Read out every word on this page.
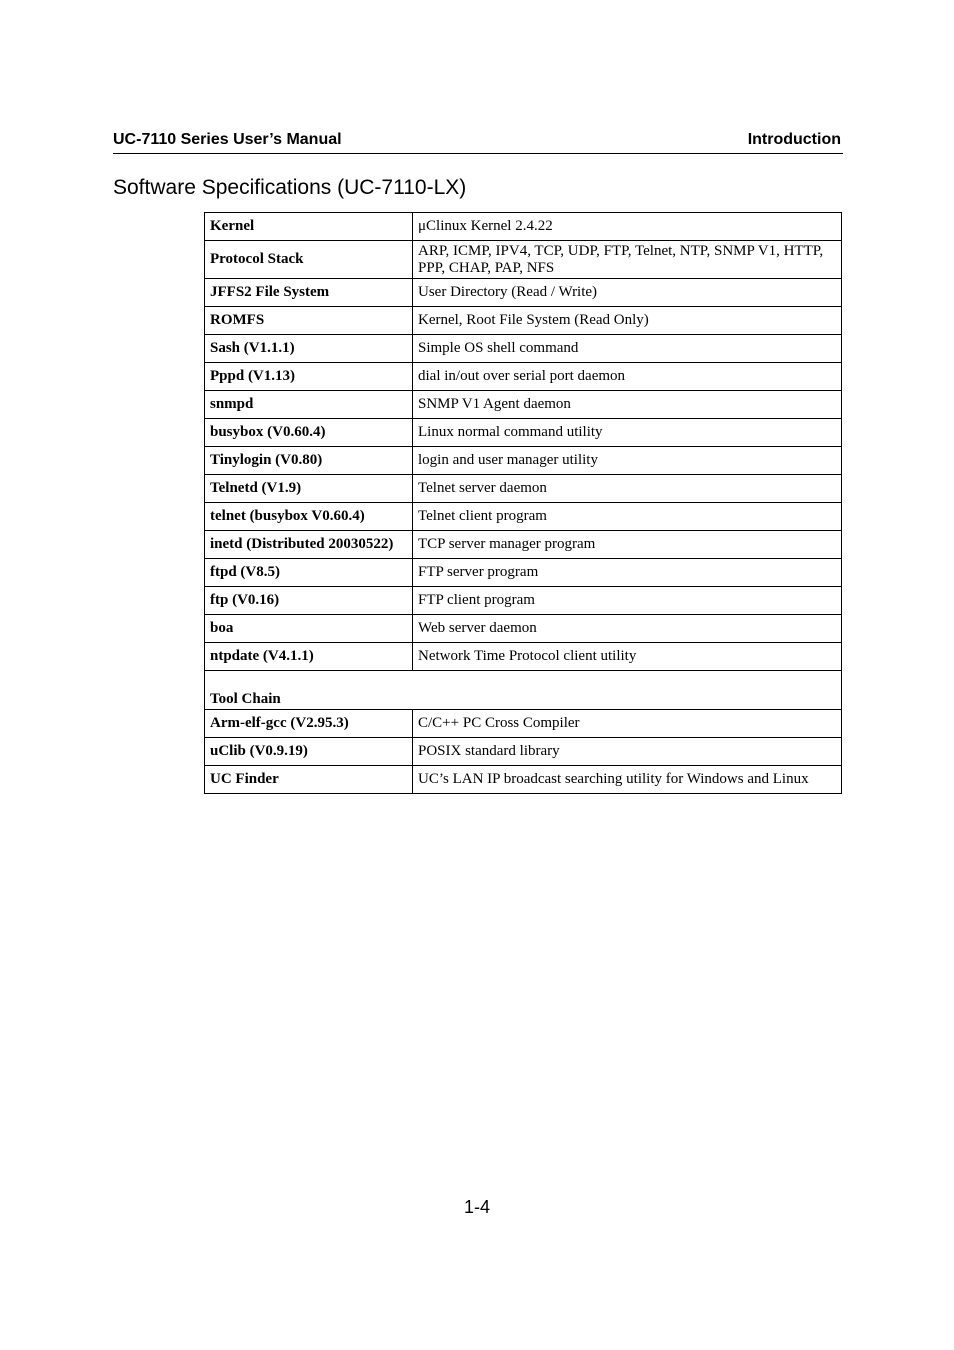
UC-7110 Series User’s Manual	Introduction
Software Specifications (UC-7110-LX)
Kernel	μClinux Kernel 2.4.22
Protocol Stack	ARP, ICMP, IPV4, TCP, UDP, FTP, Telnet, NTP, SNMP V1, HTTP, PPP, CHAP, PAP, NFS
JFFS2 File System	User Directory (Read / Write)
ROMFS	Kernel, Root File System (Read Only)
Sash (V1.1.1)	Simple OS shell command
Pppd (V1.13)	dial in/out over serial port daemon
snmpd	SNMP V1 Agent daemon
busybox (V0.60.4)	Linux normal command utility
Tinylogin (V0.80)	login and user manager utility
Telnetd (V1.9)	Telnet server daemon
telnet (busybox V0.60.4)	Telnet client program
inetd (Distributed 20030522)	TCP server manager program
ftpd (V8.5)	FTP server program
ftp (V0.16)	FTP client program
boa	Web server daemon
ntpdate (V4.1.1)	Network Time Protocol client utility
Tool Chain	
Arm-elf-gcc (V2.95.3)	C/C++ PC Cross Compiler
uClib (V0.9.19)	POSIX standard library
UC Finder	UC’s LAN IP broadcast searching utility for Windows and Linux
1-4
